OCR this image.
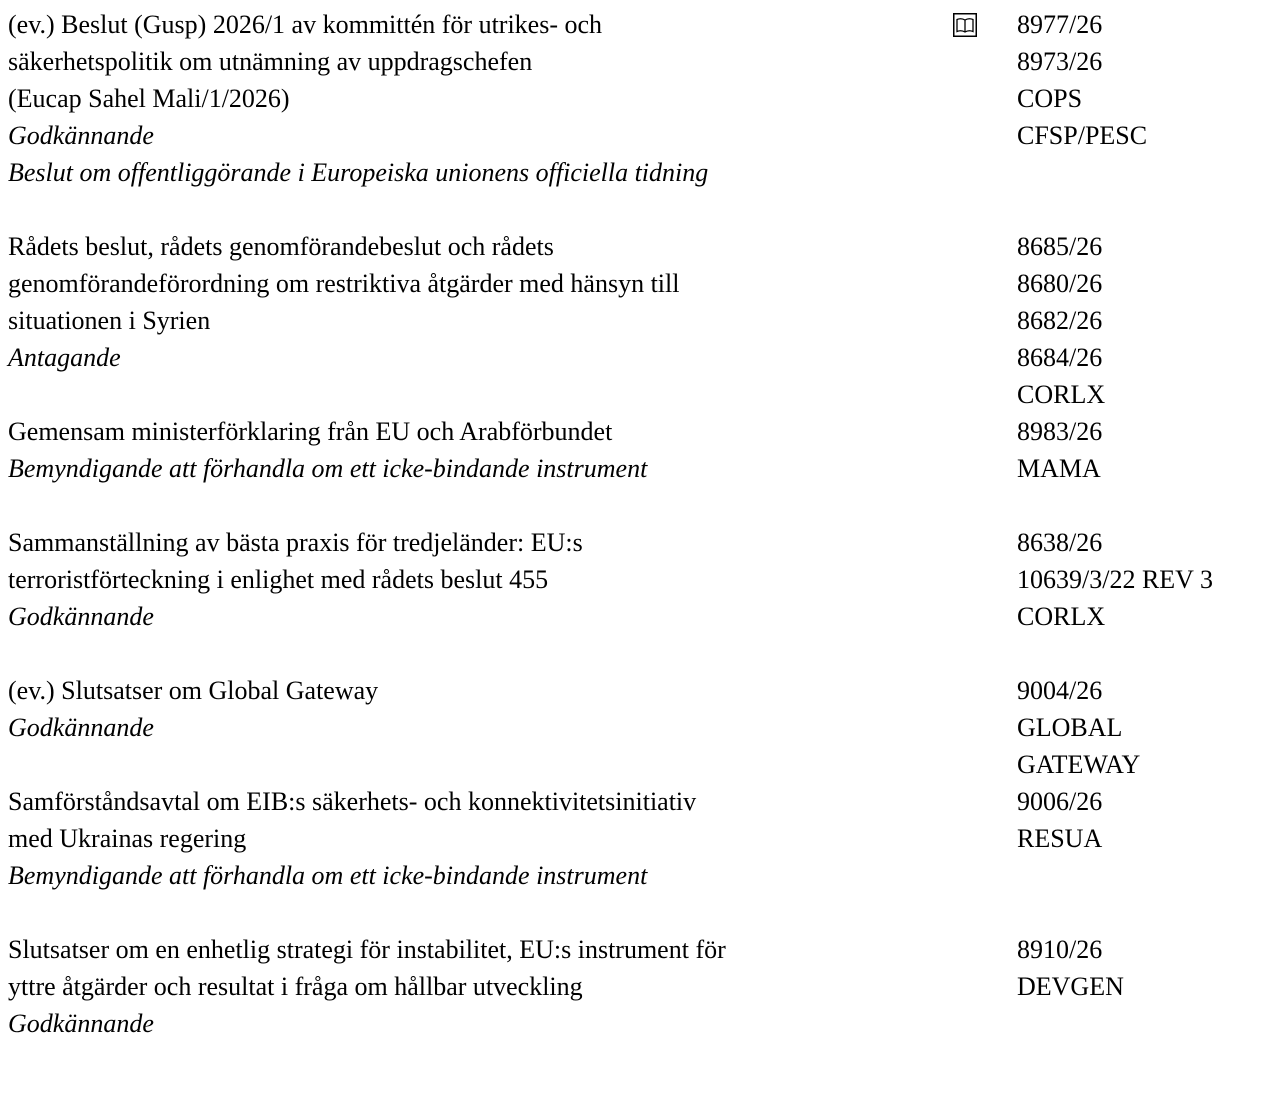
(ev.) Beslut (Gusp) 2026/1 av kommittén för utrikes- och
säkerhetspolitik om utnämning av uppdragschefen
(Eucap Sahel Mali/1/2026)
Godkännande
Beslut om offentliggörande i Europeiska unionens officiella tidning
8977/26
8973/26
COPS
CFSP/PESC
Rådets beslut, rådets genomförandebeslut och rådets
genomförandeförordning om restriktiva åtgärder med hänsyn till
situationen i Syrien
Antagande
8685/26
8680/26
8682/26
8684/26
CORLX
Gemensam ministerförklaring från EU och Arabförbundet
Bemyndigande att förhandla om ett icke-bindande instrument
8983/26
MAMA
Sammanställning av bästa praxis för tredjeländer: EU:s
terroristförteckning i enlighet med rådets beslut 455
Godkännande
8638/26
10639/3/22 REV 3
CORLX
(ev.) Slutsatser om Global Gateway
Godkännande
9004/26
GLOBAL
GATEWAY
Samförståndsavtal om EIB:s säkerhets- och konnektivitetsinitiativ
med Ukrainas regering
Bemyndigande att förhandla om ett icke-bindande instrument
9006/26
RESUA
Slutsatser om en enhetlig strategi för instabilitet, EU:s instrument för
yttre åtgärder och resultat i fråga om hållbar utveckling
Godkännande
8910/26
DEVGEN
